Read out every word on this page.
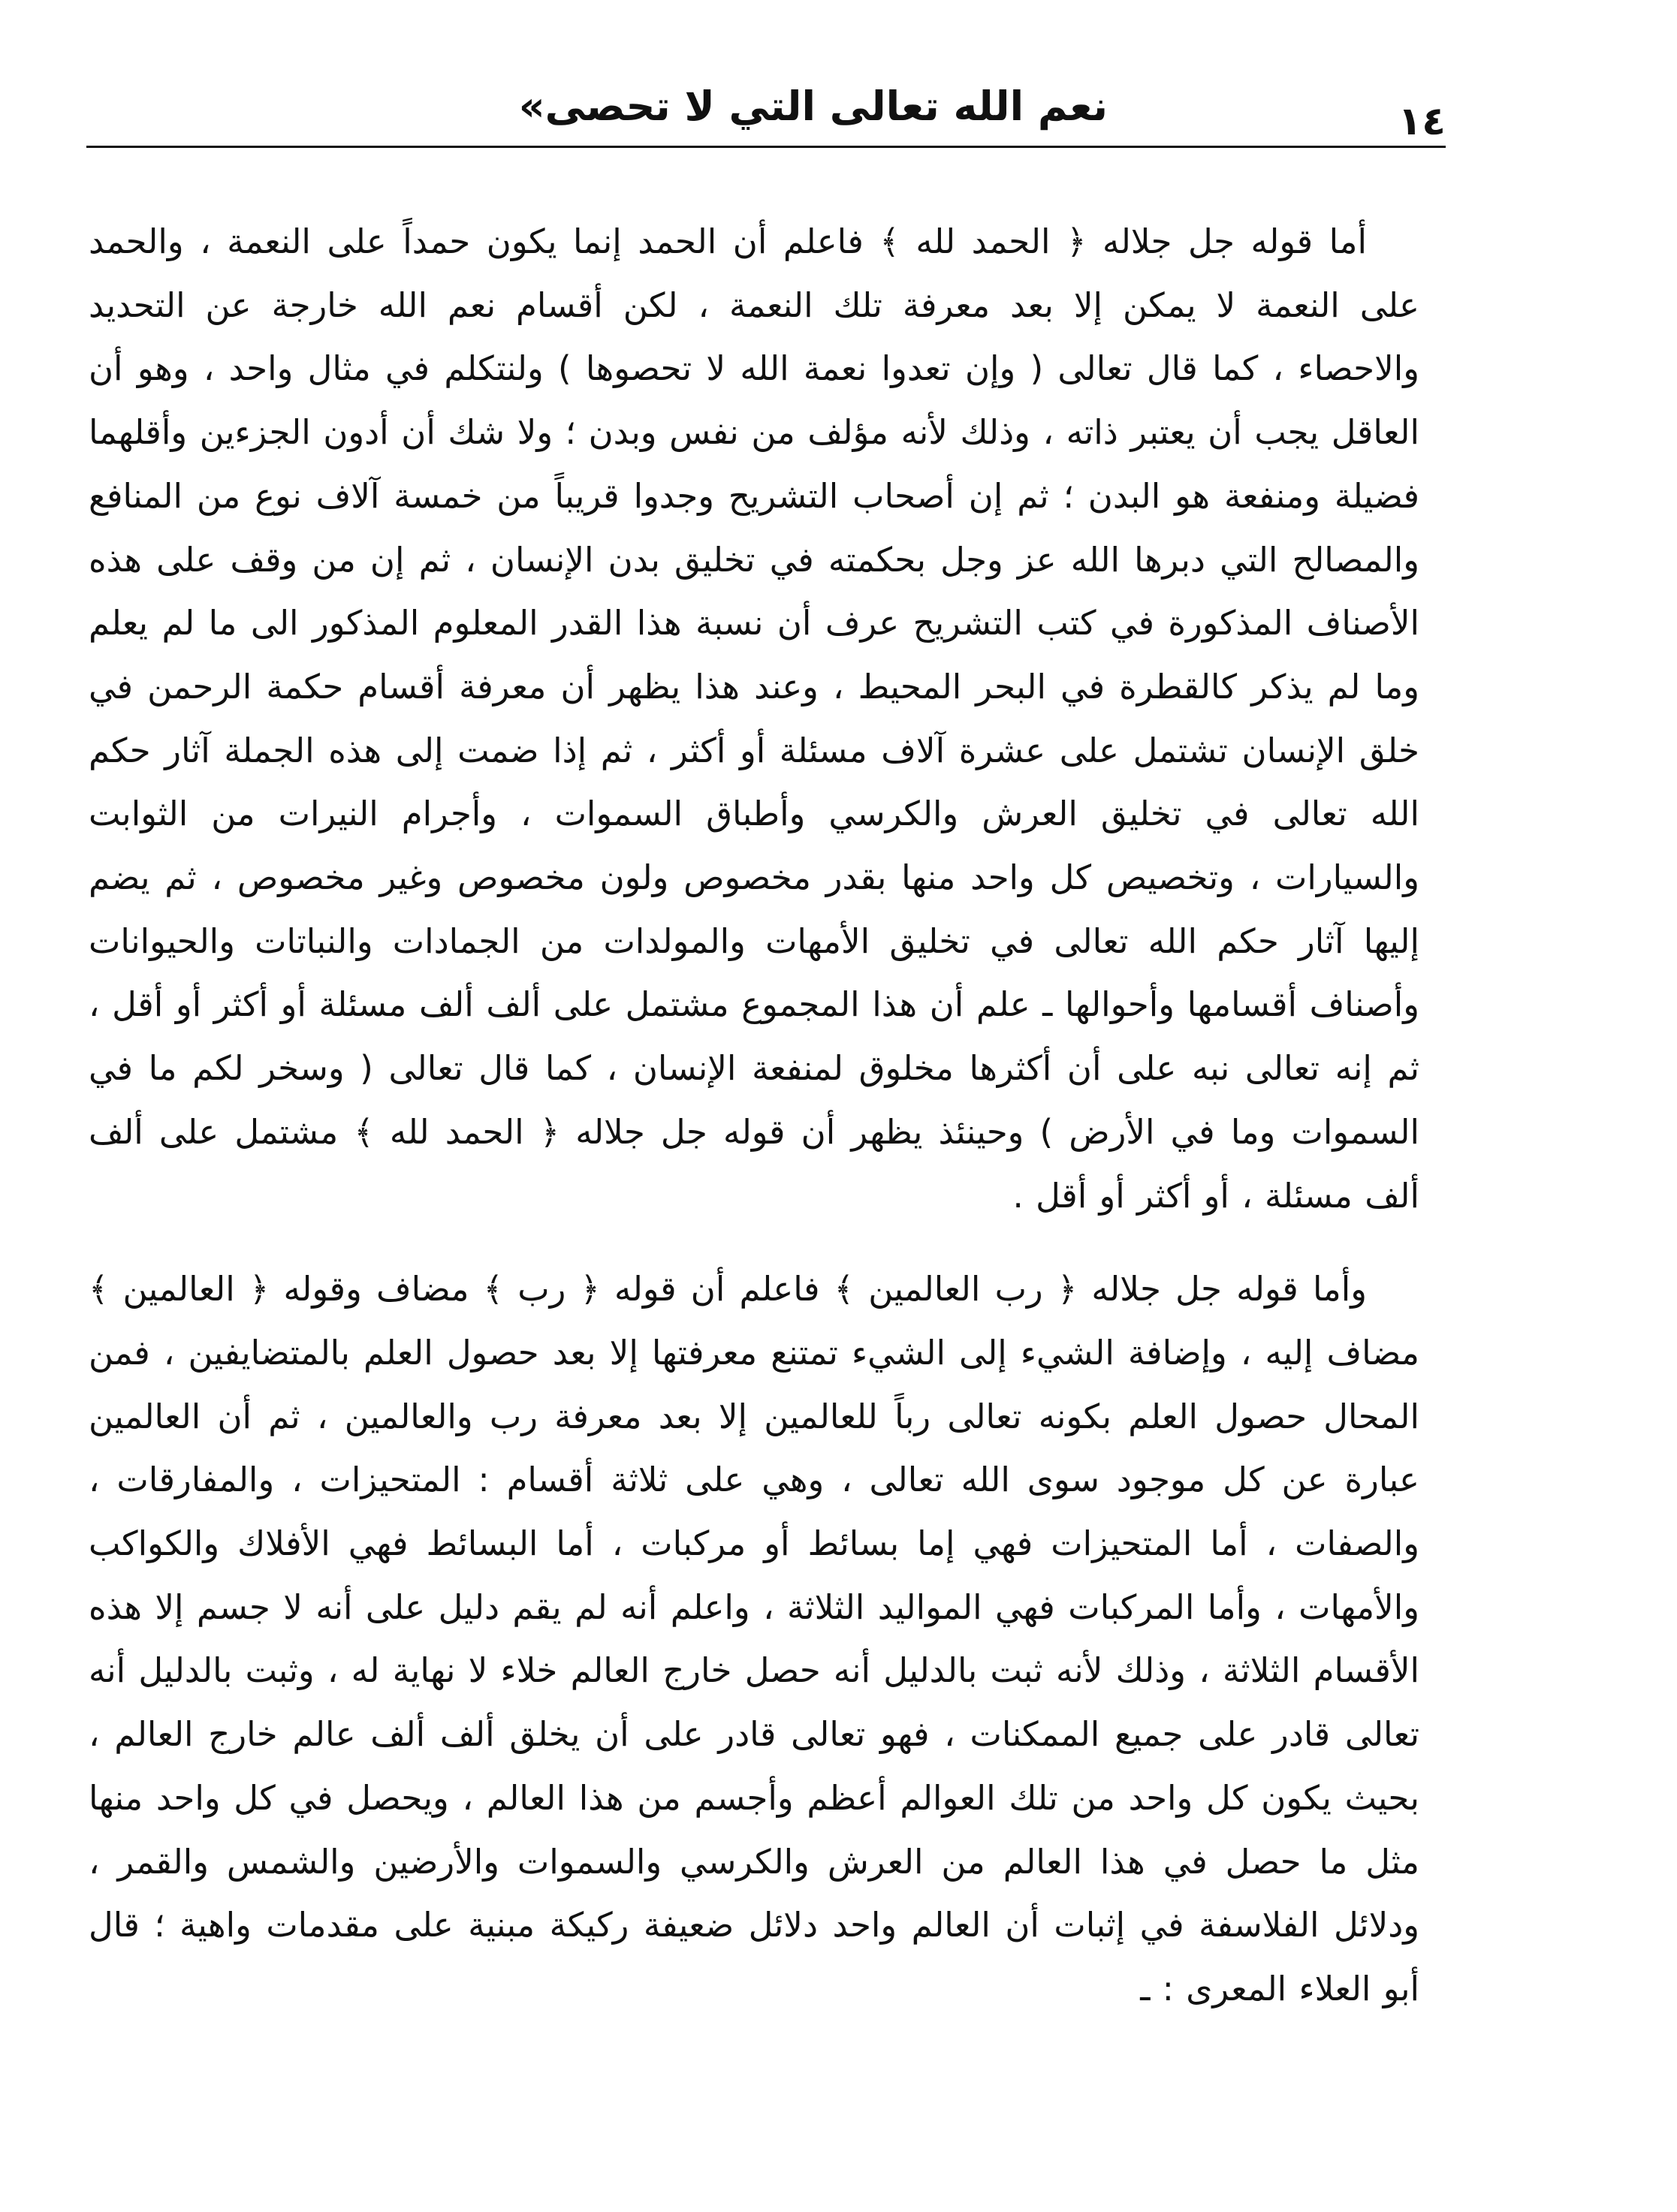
نعم الله تعالى التي لا تحصى»	١٤

أما قوله جل جلاله ﴿ الحمد لله ﴾ فاعلم أن الحمد إنما يكون حمداً على النعمة ، والحمد على النعمة لا يمكن إلا بعد معرفة تلك النعمة ، لكن أقسام نعم الله خارجة عن التحديد والاحصاء ، كما قال تعالى ( وإن تعدوا نعمة الله لا تحصوها ) ولنتكلم في مثال واحد ، وهو أن العاقل يجب أن يعتبر ذاته ، وذلك لأنه مؤلف من نفس وبدن ؛ ولا شك أن أدون الجزءين وأقلهما فضيلة ومنفعة هو البدن ؛ ثم إن أصحاب التشريح وجدوا قريباً من خمسة آلاف نوع من المنافع والمصالح التي دبرها الله عز وجل بحكمته في تخليق بدن الإنسان ، ثم إن من وقف على هذه الأصناف المذكورة في كتب التشريح عرف أن نسبة هذا القدر المعلوم المذكور الى ما لم يعلم وما لم يذكر كالقطرة في البحر المحيط ، وعند هذا يظهر أن معرفة أقسام حكمة الرحمن في خلق الإنسان تشتمل على عشرة آلاف مسئلة أو أكثر ، ثم إذا ضمت إلى هذه الجملة آثار حكم الله تعالى في تخليق العرش والكرسي وأطباق السموات ، وأجرام النيرات من الثوابت والسيارات ، وتخصيص كل واحد منها بقدر مخصوص ولون مخصوص وغير مخصوص ، ثم يضم إليها آثار حكم الله تعالى في تخليق الأمهات والمولدات من الجمادات والنباتات والحيوانات وأصناف أقسامها وأحوالها ـ علم أن هذا المجموع مشتمل على ألف ألف مسئلة أو أكثر أو أقل ، ثم إنه تعالى نبه على أن أكثرها مخلوق لمنفعة الإنسان ، كما قال تعالى ( وسخر لكم ما في السموات وما في الأرض ) وحينئذ يظهر أن قوله جل جلاله ﴿ الحمد لله ﴾ مشتمل على ألف ألف مسئلة ، أو أكثر أو أقل .

وأما قوله جل جلاله ﴿ رب العالمين ﴾ فاعلم أن قوله ﴿ رب ﴾ مضاف وقوله ﴿ العالمين ﴾ مضاف إليه ، وإضافة الشيء إلى الشيء تمتنع معرفتها إلا بعد حصول العلم بالمتضايفين ، فمن المحال حصول العلم بكونه تعالى رباً للعالمين إلا بعد معرفة رب والعالمين ، ثم أن العالمين عبارة عن كل موجود سوى الله تعالى ، وهي على ثلاثة أقسام : المتحيزات ، والمفارقات ، والصفات ، أما المتحيزات فهي إما بسائط أو مركبات ، أما البسائط فهي الأفلاك والكواكب والأمهات ، وأما المركبات فهي المواليد الثلاثة ، واعلم أنه لم يقم دليل على أنه لا جسم إلا هذه الأقسام الثلاثة ، وذلك لأنه ثبت بالدليل أنه حصل خارج العالم خلاء لا نهاية له ، وثبت بالدليل أنه تعالى قادر على جميع الممكنات ، فهو تعالى قادر على أن يخلق ألف ألف عالم خارج العالم ، بحيث يكون كل واحد من تلك العوالم أعظم وأجسم من هذا العالم ، ويحصل في كل واحد منها مثل ما حصل في هذا العالم من العرش والكرسي والسموات والأرضين والشمس والقمر ، ودلائل الفلاسفة في إثبات أن العالم واحد دلائل ضعيفة ركيكة مبنية على مقدمات واهية ؛ قال أبو العلاء المعرى : ـ
